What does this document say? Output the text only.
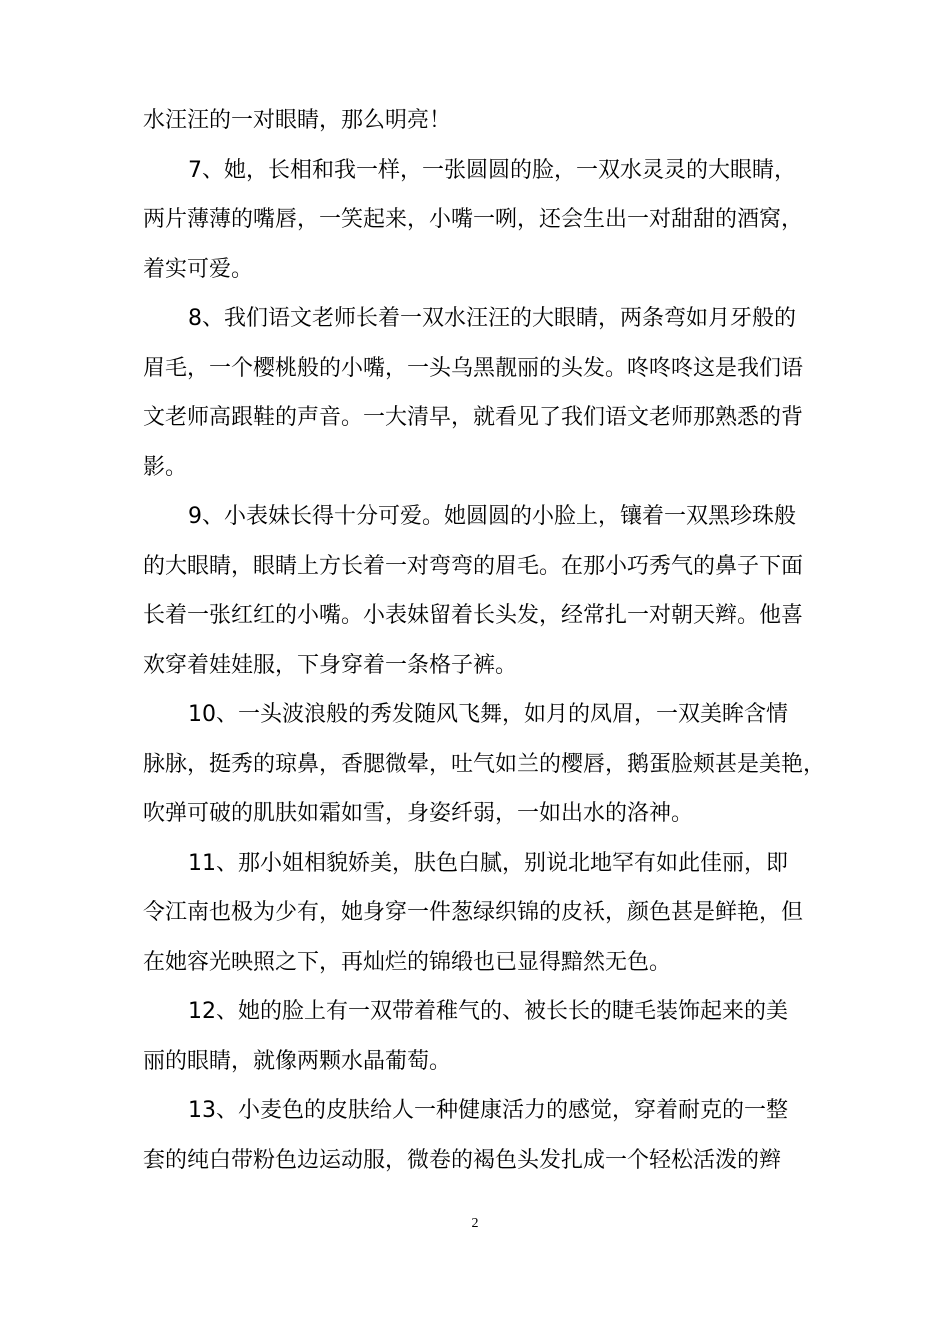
水汪汪的一对眼睛，那么明亮！
7、她，长相和我一样，一张圆圆的脸，一双水灵灵的大眼睛，
两片薄薄的嘴唇，一笑起来，小嘴一咧，还会生出一对甜甜的酒窝，
着实可爱。
8、我们语文老师长着一双水汪汪的大眼睛，两条弯如月牙般的
眉毛，一个樱桃般的小嘴，一头乌黑靓丽的头发。咚咚咚这是我们语
文老师高跟鞋的声音。一大清早，就看见了我们语文老师那熟悉的背
影。
9、小表妹长得十分可爱。她圆圆的小脸上，镶着一双黑珍珠般
的大眼睛，眼睛上方长着一对弯弯的眉毛。在那小巧秀气的鼻子下面
长着一张红红的小嘴。小表妹留着长头发，经常扎一对朝天辫。他喜
欢穿着娃娃服，下身穿着一条格子裤。
10、一头波浪般的秀发随风飞舞，如月的凤眉，一双美眸含情
脉脉，挺秀的琼鼻，香腮微晕，吐气如兰的樱唇，鹅蛋脸颊甚是美艳，
吹弹可破的肌肤如霜如雪，身姿纤弱，一如出水的洛神。
11、那小姐相貌娇美，肤色白腻，别说北地罕有如此佳丽，即
令江南也极为少有，她身穿一件葱绿织锦的皮袄，颜色甚是鲜艳，但
在她容光映照之下，再灿烂的锦缎也已显得黯然无色。
12、她的脸上有一双带着稚气的、被长长的睫毛装饰起来的美
丽的眼睛，就像两颗水晶葡萄。
13、小麦色的皮肤给人一种健康活力的感觉，穿着耐克的一整
套的纯白带粉色边运动服，微卷的褐色头发扎成一个轻松活泼的辫
2
